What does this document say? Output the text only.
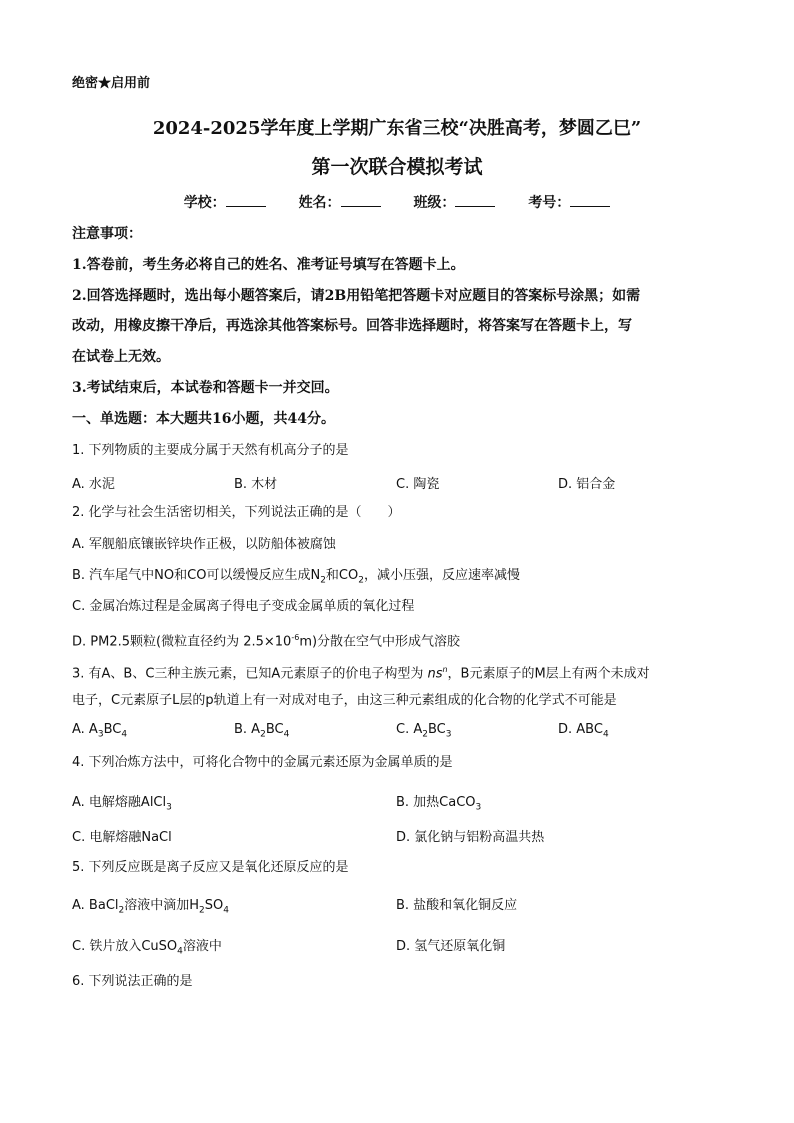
绝密★启用前
2024-2025学年度上学期广东省三校“决胜高考，梦圆乙巳”
第一次联合模拟考试
学校：	姓名：	班级：	考号：
注意事项：
1.答卷前，考生务必将自己的姓名、准考证号填写在答题卡上。
2.回答选择题时，选出每小题答案后，请2B用铅笔把答题卡对应题目的答案标号涂黑；如需
改动，用橡皮擦干净后，再选涂其他答案标号。回答非选择题时，将答案写在答题卡上，写
在试卷上无效。
3.考试结束后，本试卷和答题卡一并交回。
一、单选题：本大题共16小题，共44分。
1. 下列物质的主要成分属于天然有机高分子的是
A. 水泥	B. 木材	C. 陶瓷	D. 铝合金
2. 化学与社会生活密切相关，下列说法正确的是（　　）
A. 军舰船底镶嵌锌块作正极，以防船体被腐蚀
B. 汽车尾气中NO和CO可以缓慢反应生成$N_2$和$CO_2$，减小压强，反应速率减慢
C. 金属冶炼过程是金属离子得电子变成金属单质的氧化过程
D. PM2.5颗粒(微粒直径约为 $2.5\times 10^{-6}m$)分散在空气中形成气溶胶
3. 有A、B、C三种主族元素，已知A元素原子的价电子构型为 $ns^n$，B元素原子的M层上有两个未成对
电子，C元素原子L层的p轨道上有一对成对电子，由这三种元素组成的化合物的化学式不可能是
A. $A_3BC_4$	B. $A_2BC_4$	C. $A_2BC_3$	D. $ABC_4$
4. 下列冶炼方法中，可将化合物中的金属元素还原为金属单质的是
A. 电解熔融AlCl$_3$	B. 加热CaCO$_3$
C. 电解熔融NaCl	D. 氯化钠与铝粉高温共热
5. 下列反应既是离子反应又是氧化还原反应的是
A. BaCl$_2$溶液中滴加$H_2SO_4$	B. 盐酸和氧化铜反应
C. 铁片放入CuSO$_4$溶液中	D. 氢气还原氧化铜
6. 下列说法正确的是
